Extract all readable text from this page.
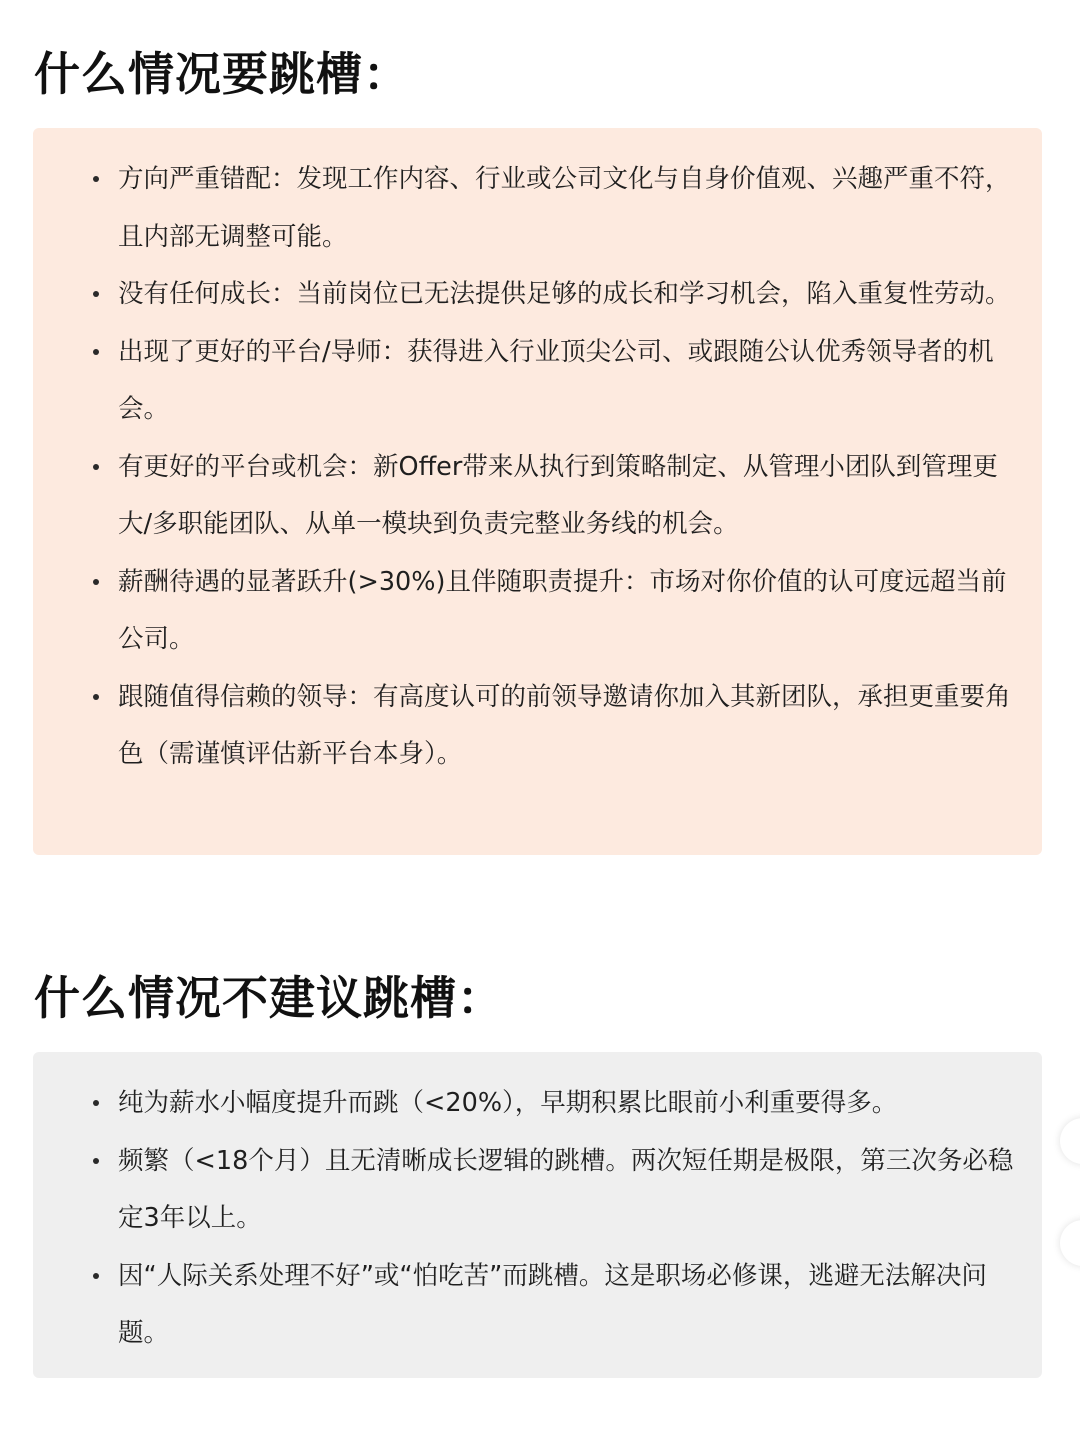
什么情况要跳槽：
方向严重错配：发现工作内容、行业或公司文化与自身价值观、兴趣严重不符，且内部无调整可能。
没有任何成长：当前岗位已无法提供足够的成长和学习机会，陷入重复性劳动。
出现了更好的平台/导师：获得进入行业顶尖公司、或跟随公认优秀领导者的机会。
有更好的平台或机会：新Offer带来从执行到策略制定、从管理小团队到管理更大/多职能团队、从单一模块到负责完整业务线的机会。
薪酬待遇的显著跃升(>30%)且伴随职责提升：市场对你价值的认可度远超当前公司。
跟随值得信赖的领导：有高度认可的前领导邀请你加入其新团队，承担更重要角色（需谨慎评估新平台本身）。
什么情况不建议跳槽：
纯为薪水小幅度提升而跳（<20%），早期积累比眼前小利重要得多。
频繁（<18个月）且无清晰成长逻辑的跳槽。两次短任期是极限，第三次务必稳定3年以上。
因“人际关系处理不好”或“怕吃苦”而跳槽。这是职场必修课，逃避无法解决问题。
